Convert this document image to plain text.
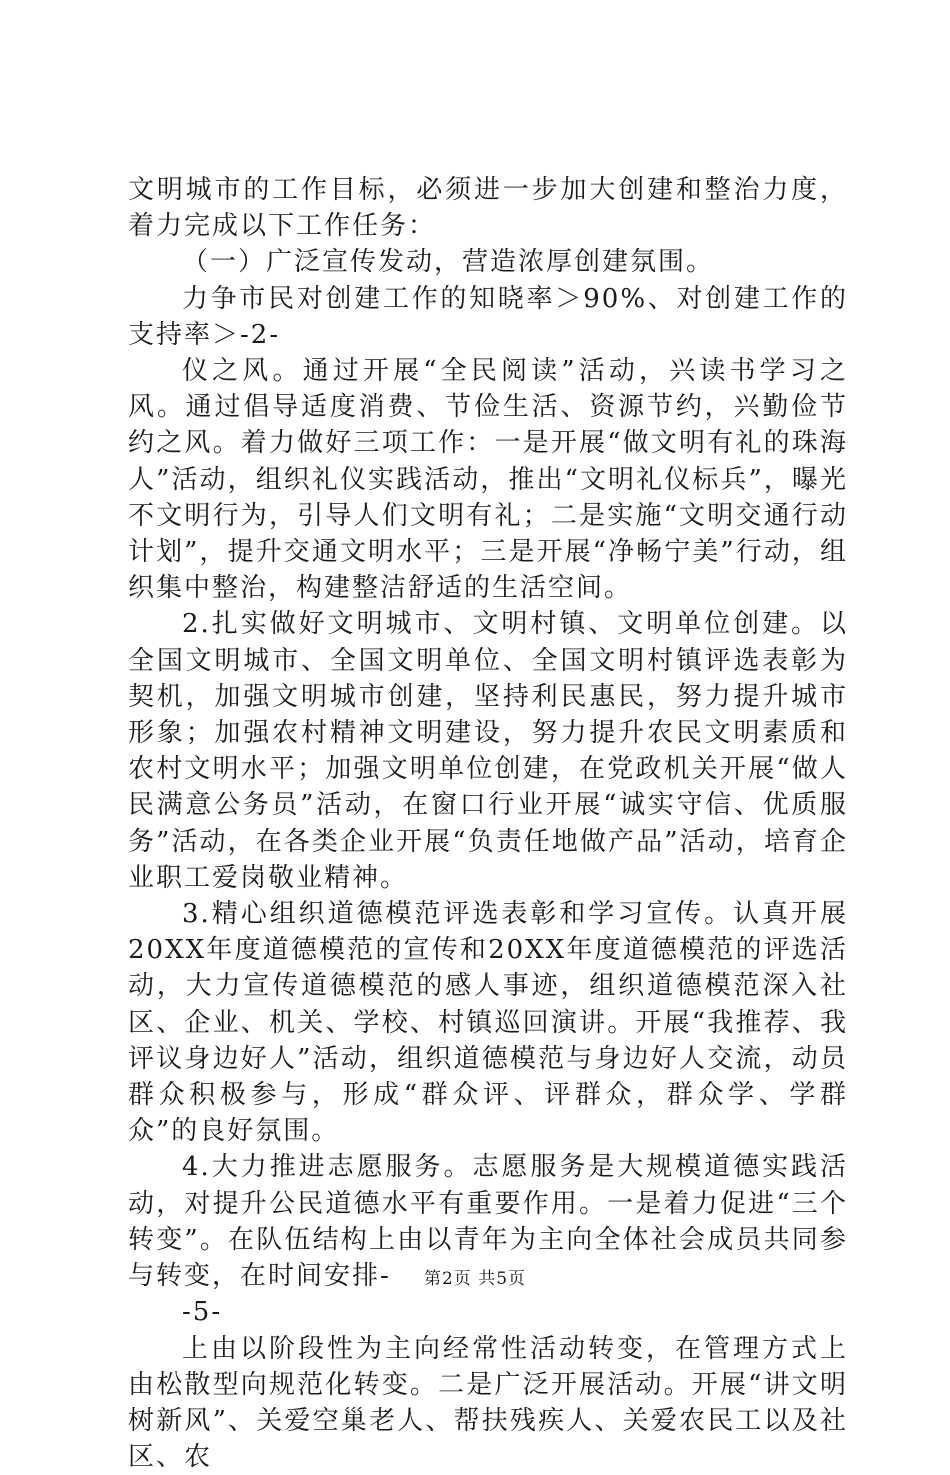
文明城市的工作目标，必须进一步加大创建和整治力度，着力完成以下工作任务：

（一）广泛宣传发动，营造浓厚创建氛围。

力争市民对创建工作的知晓率＞90%、对创建工作的支持率＞-2-

仪之风。通过开展“全民阅读”活动，兴读书学习之风。通过倡导适度消费、节俭生活、资源节约，兴勤俭节约之风。着力做好三项工作：一是开展“做文明有礼的珠海人”活动，组织礼仪实践活动，推出“文明礼仪标兵”，曝光不文明行为，引导人们文明有礼；二是实施“文明交通行动计划”，提升交通文明水平；三是开展“净畅宁美”行动，组织集中整治，构建整洁舒适的生活空间。

2.扎实做好文明城市、文明村镇、文明单位创建。以全国文明城市、全国文明单位、全国文明村镇评选表彰为契机，加强文明城市创建，坚持利民惠民，努力提升城市形象；加强农村精神文明建设，努力提升农民文明素质和农村文明水平；加强文明单位创建，在党政机关开展“做人民满意公务员”活动，在窗口行业开展“诚实守信、优质服务”活动，在各类企业开展“负责任地做产品”活动，培育企业职工爱岗敬业精神。

3.精心组织道德模范评选表彰和学习宣传。认真开展20XX年度道德模范的宣传和20XX年度道德模范的评选活动，大力宣传道德模范的感人事迹，组织道德模范深入社区、企业、机关、学校、村镇巡回演讲。开展“我推荐、我评议身边好人”活动，组织道德模范与身边好人交流，动员群众积极参与，形成“群众评、评群众，群众学、学群众”的良好氛围。

4.大力推进志愿服务。志愿服务是大规模道德实践活动，对提升公民道德水平有重要作用。一是着力促进“三个转变”。在队伍结构上由以青年为主向全体社会成员共同参与转变，在时间安排-

-5-

上由以阶段性为主向经常性活动转变，在管理方式上由松散型向规范化转变。二是广泛开展活动。开展“讲文明树新风”、关爱空巢老人、帮扶残疾人、关爱农民工以及社区、农

第2页 共5页
